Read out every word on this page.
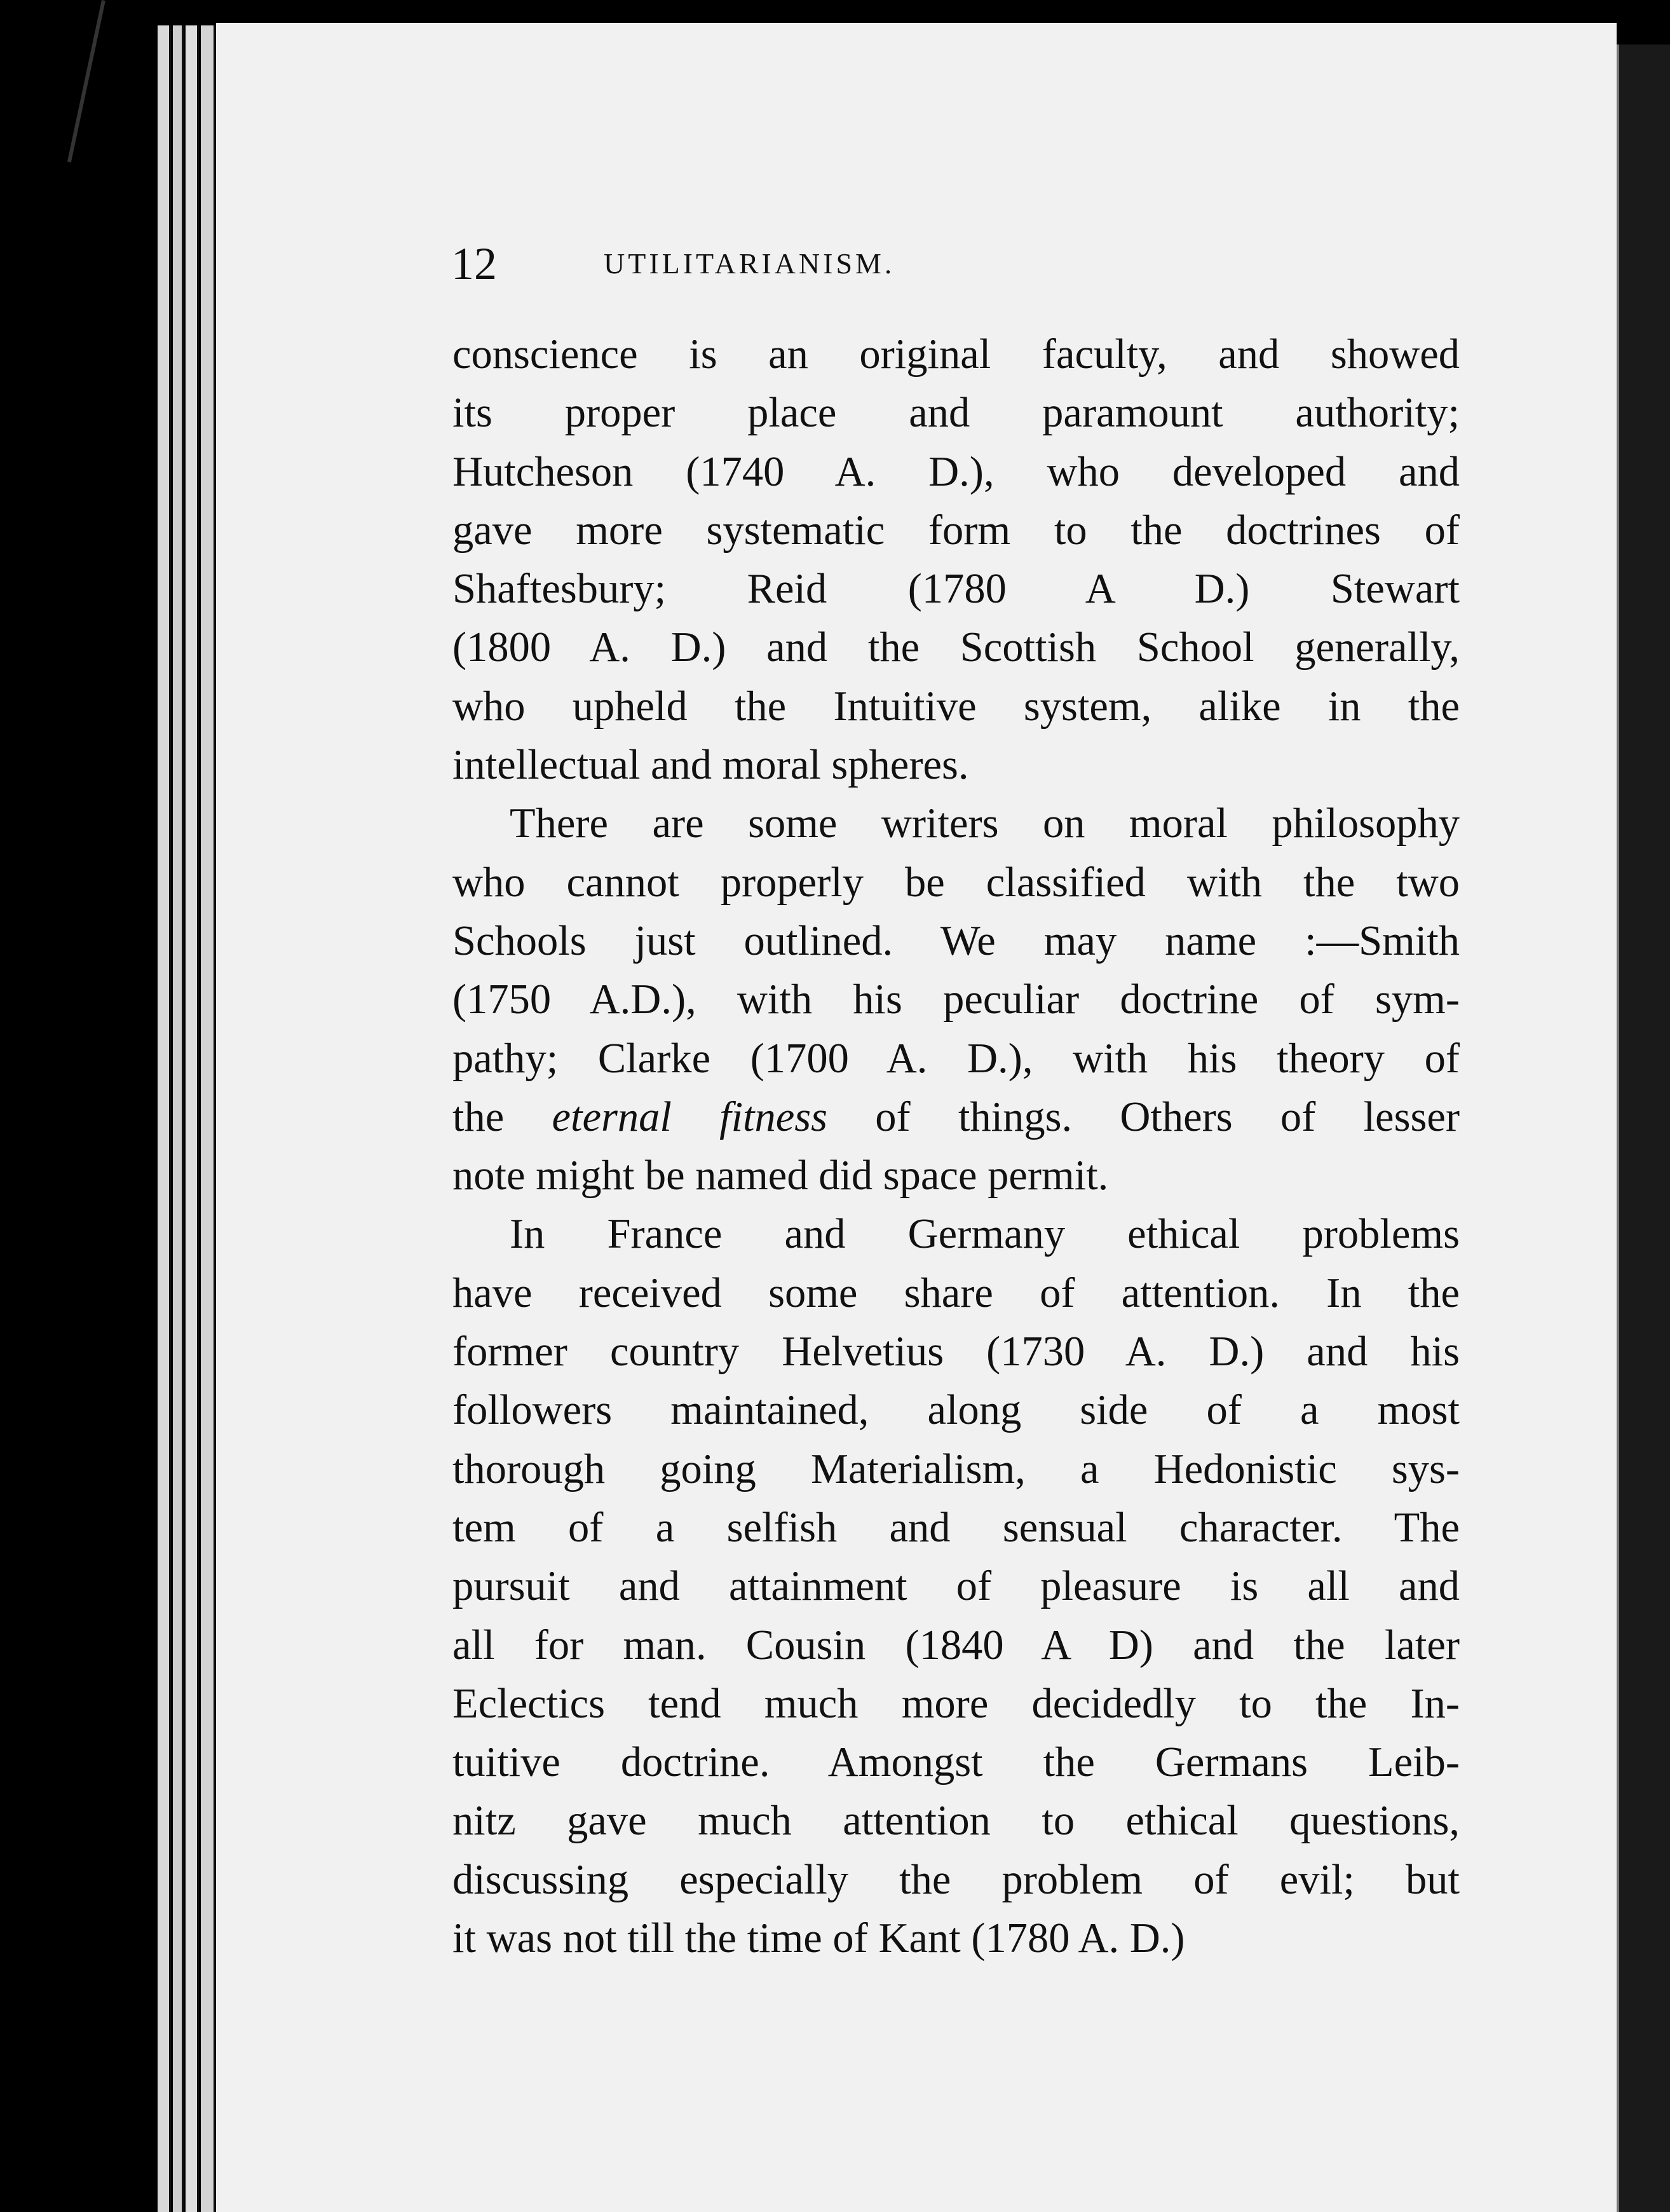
12	UTILITARIANISM.
conscience is an original faculty, and showed
its proper place and paramount authority;
Hutcheson (1740 A. D.), who developed and
gave more systematic form to the doctrines of
Shaftesbury; Reid (1780 A D.) Stewart
(1800 A. D.) and the Scottish School generally,
who upheld the Intuitive system, alike in the
intellectual and moral spheres.
There are some writers on moral philosophy
who cannot properly be classified with the two
Schools just outlined. We may name :—Smith
(1750 A.D.), with his peculiar doctrine of sym-
pathy; Clarke (1700 A. D.), with his theory of
the eternal fitness of things. Others of lesser
note might be named did space permit.
In France and Germany ethical problems
have received some share of attention. In the
former country Helvetius (1730 A. D.) and his
followers maintained, along side of a most
thorough going Materialism, a Hedonistic sys-
tem of a selfish and sensual character. The
pursuit and attainment of pleasure is all and
all for man. Cousin (1840 A D) and the later
Eclectics tend much more decidedly to the In-
tuitive doctrine. Amongst the Germans Leib-
nitz gave much attention to ethical questions,
discussing especially the problem of evil; but
it was not till the time of Kant (1780 A. D.)
